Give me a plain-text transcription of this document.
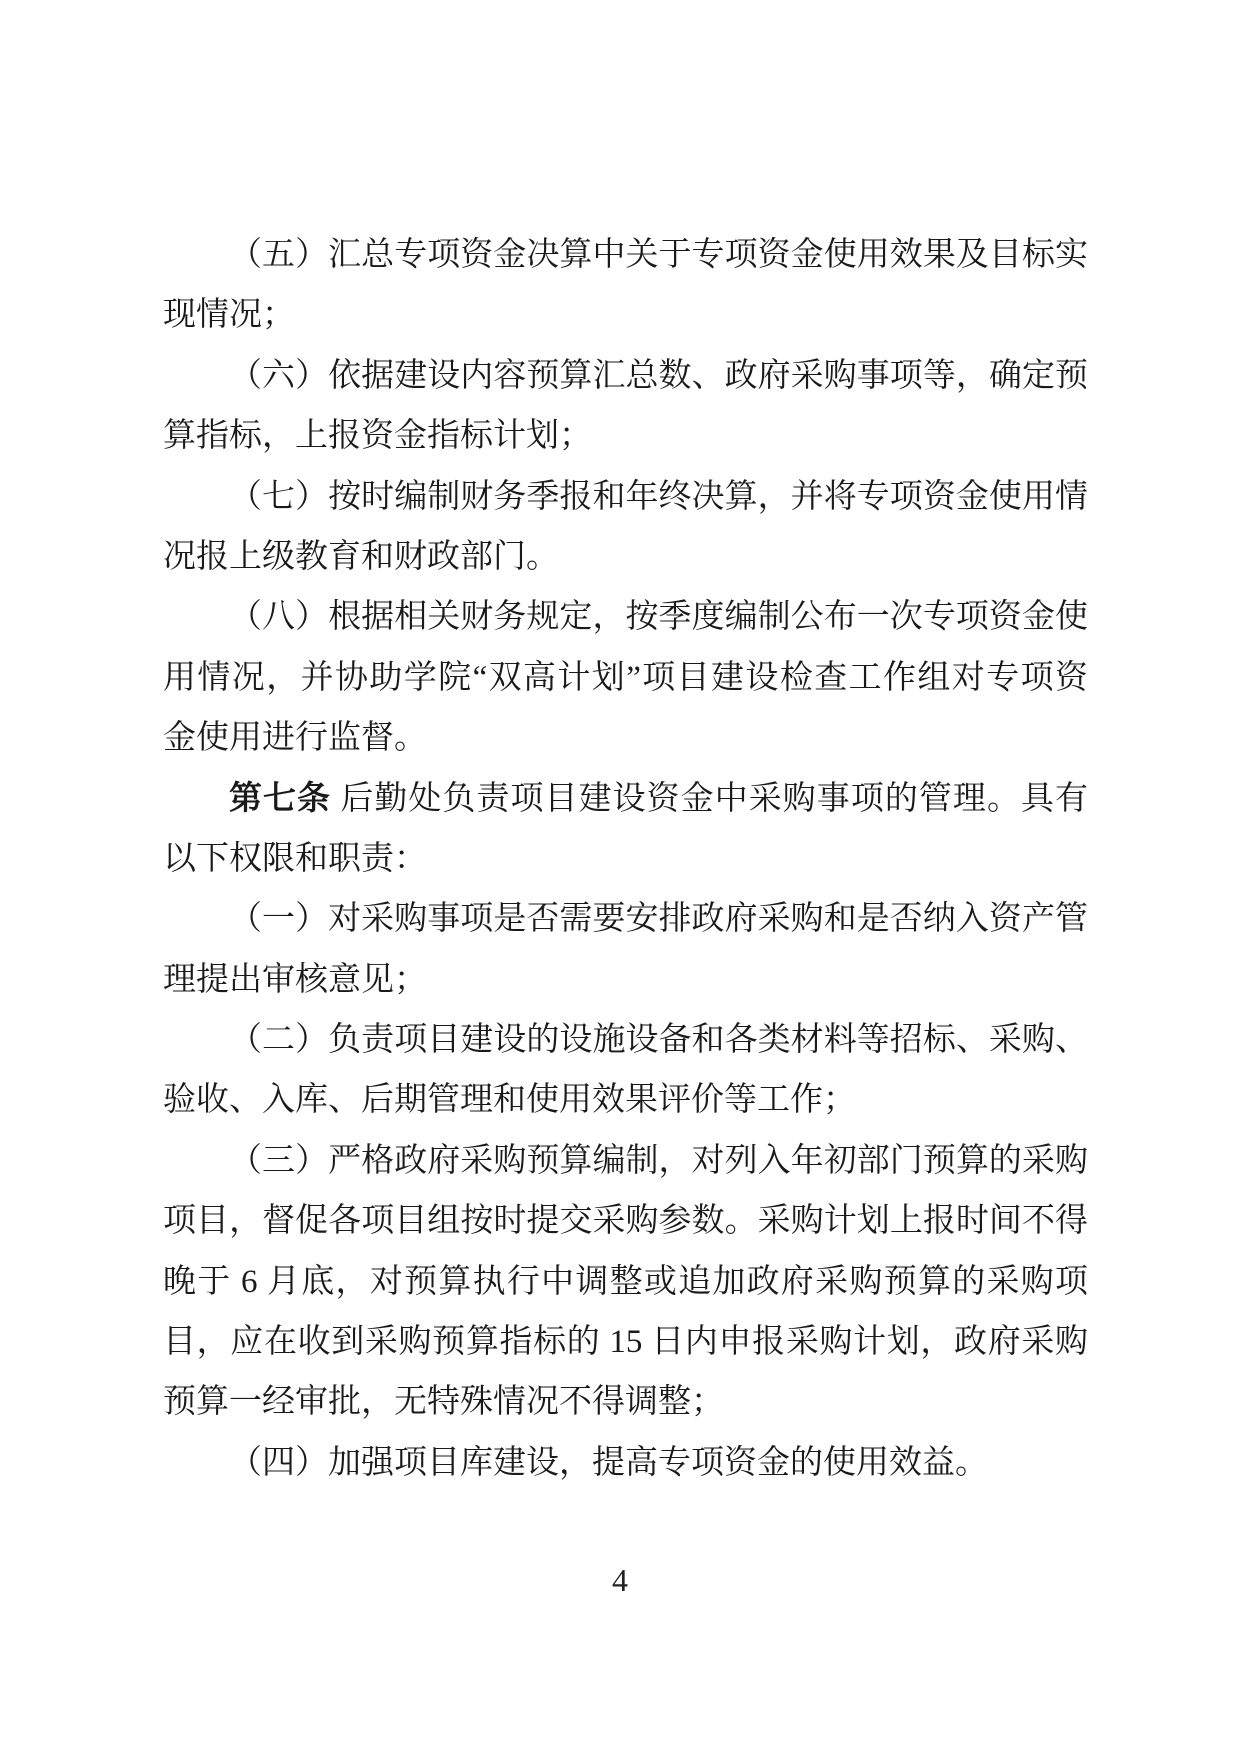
（五）汇总专项资金决算中关于专项资金使用效果及目标实
现情况；
（六）依据建设内容预算汇总数、政府采购事项等，确定预
算指标，上报资金指标计划；
（七）按时编制财务季报和年终决算，并将专项资金使用情
况报上级教育和财政部门。
（八）根据相关财务规定，按季度编制公布一次专项资金使
用情况，并协助学院“双高计划”项目建设检查工作组对专项资
金使用进行监督。
第七条 后勤处负责项目建设资金中采购事项的管理。具有
以下权限和职责：
（一）对采购事项是否需要安排政府采购和是否纳入资产管
理提出审核意见；
（二）负责项目建设的设施设备和各类材料等招标、采购、
验收、入库、后期管理和使用效果评价等工作；
（三）严格政府采购预算编制，对列入年初部门预算的采购
项目，督促各项目组按时提交采购参数。采购计划上报时间不得
晚于 6 月底，对预算执行中调整或追加政府采购预算的采购项
目，应在收到采购预算指标的 15 日内申报采购计划，政府采购
预算一经审批，无特殊情况不得调整；
（四）加强项目库建设，提高专项资金的使用效益。
4
